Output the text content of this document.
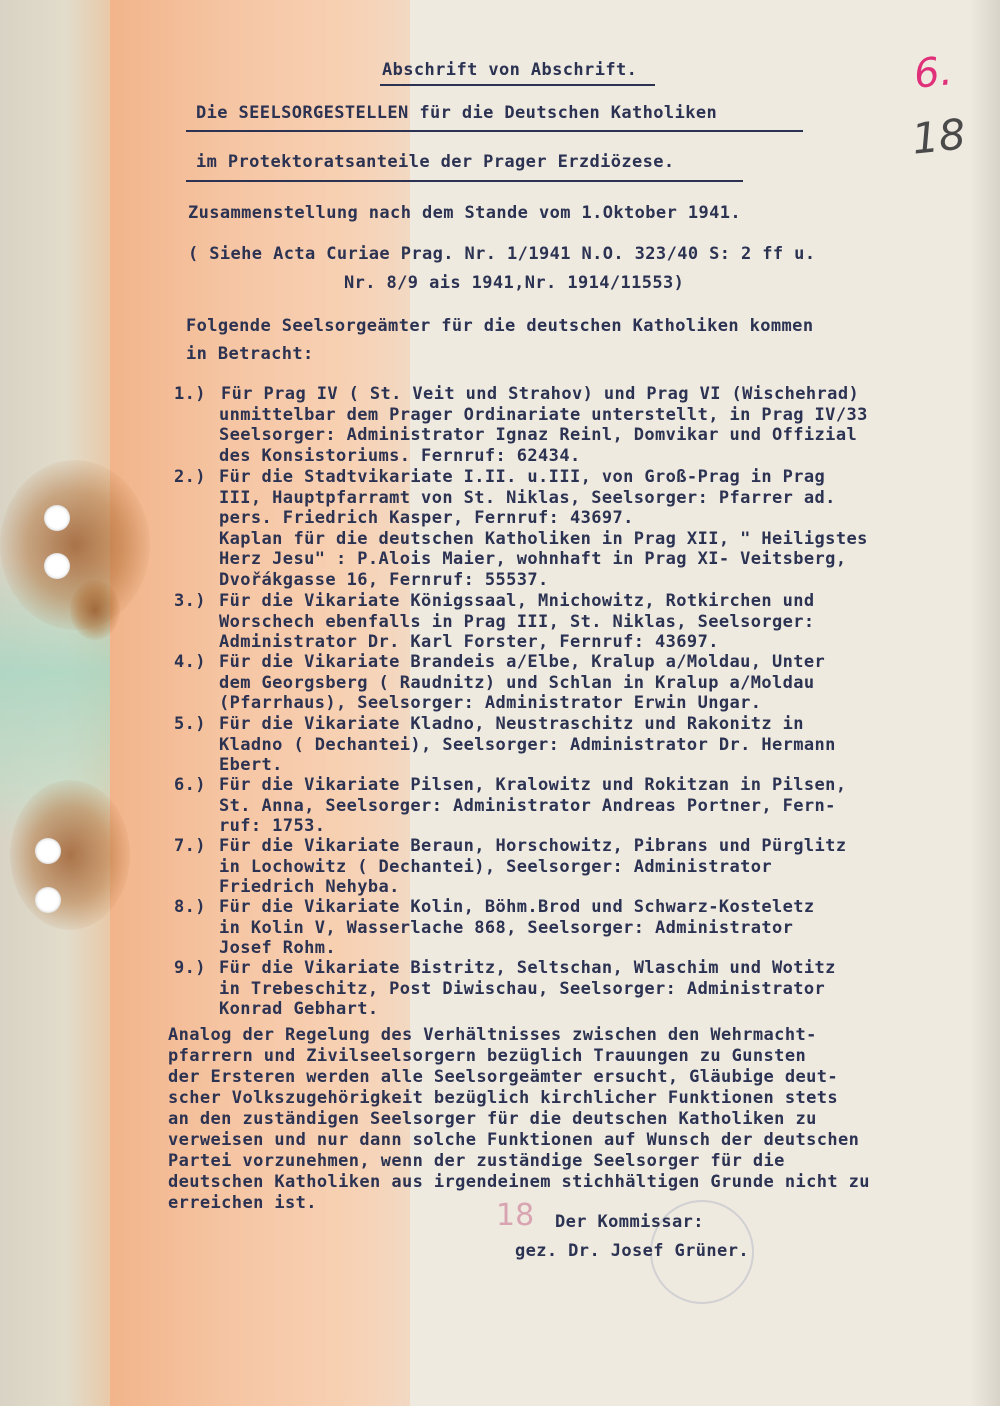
6.
18
18
Abschrift von Abschrift.
Die SEELSORGESTELLEN für die Deutschen Katholiken
im Protektoratsanteile der Prager Erzdiözese.
Zusammenstellung nach dem Stande vom 1.Oktober 1941.
( Siehe Acta Curiae Prag. Nr. 1/1941 N.O. 323/40 S: 2 ff u.
Nr. 8/9 ais 1941,Nr. 1914/11553)
Folgende Seelsorgeämter für die deutschen Katholiken kommen
in Betracht:
1.) Für Prag IV ( St. Veit und Strahov) und Prag VI (Wischehrad)
unmittelbar dem Prager Ordinariate unterstellt, in Prag IV/33
Seelsorger: Administrator Ignaz Reinl, Domvikar und Offizial
des Konsistoriums. Fernruf: 62434.
2.) Für die Stadtvikariate I.II. u.III, von Groß-Prag in Prag
III, Hauptpfarramt von St. Niklas, Seelsorger: Pfarrer ad.
pers. Friedrich Kasper, Fernruf: 43697.
Kaplan für die deutschen Katholiken in Prag XII, " Heiligstes
Herz Jesu" : P.Alois Maier, wohnhaft in Prag XI- Veitsberg,
Dvořákgasse 16, Fernruf: 55537.
3.) Für die Vikariate Königssaal, Mnichowitz, Rotkirchen und
Worschech ebenfalls in Prag III, St. Niklas, Seelsorger:
Administrator Dr. Karl Forster, Fernruf: 43697.
4.) Für die Vikariate Brandeis a/Elbe, Kralup a/Moldau, Unter
dem Georgsberg ( Raudnitz) und Schlan in Kralup a/Moldau
(Pfarrhaus), Seelsorger: Administrator Erwin Ungar.
5.) Für die Vikariate Kladno, Neustraschitz und Rakonitz in
Kladno ( Dechantei), Seelsorger: Administrator Dr. Hermann
Ebert.
6.) Für die Vikariate Pilsen, Kralowitz und Rokitzan in Pilsen,
St. Anna, Seelsorger: Administrator Andreas Portner, Fern-
ruf: 1753.
7.) Für die Vikariate Beraun, Horschowitz, Pibrans und Pürglitz
in Lochowitz ( Dechantei), Seelsorger: Administrator
Friedrich Nehyba.
8.) Für die Vikariate Kolin, Böhm.Brod und Schwarz-Kosteletz
in Kolin V, Wasserlache 868, Seelsorger: Administrator
Josef Rohm.
9.) Für die Vikariate Bistritz, Seltschan, Wlaschim und Wotitz
in Trebeschitz, Post Diwischau, Seelsorger: Administrator
Konrad Gebhart.
Analog der Regelung des Verhältnisses zwischen den Wehrmacht-
pfarrern und Zivilseelsorgern bezüglich Trauungen zu Gunsten
der Ersteren werden alle Seelsorgeämter ersucht, Gläubige deut-
scher Volkszugehörigkeit bezüglich kirchlicher Funktionen stets
an den zuständigen Seelsorger für die deutschen Katholiken zu
verweisen und nur dann solche Funktionen auf Wunsch der deutschen
Partei vorzunehmen, wenn der zuständige Seelsorger für die
deutschen Katholiken aus irgendeinem stichhältigen Grunde nicht zu
erreichen ist.
Der Kommissar:
gez. Dr. Josef Grüner.
